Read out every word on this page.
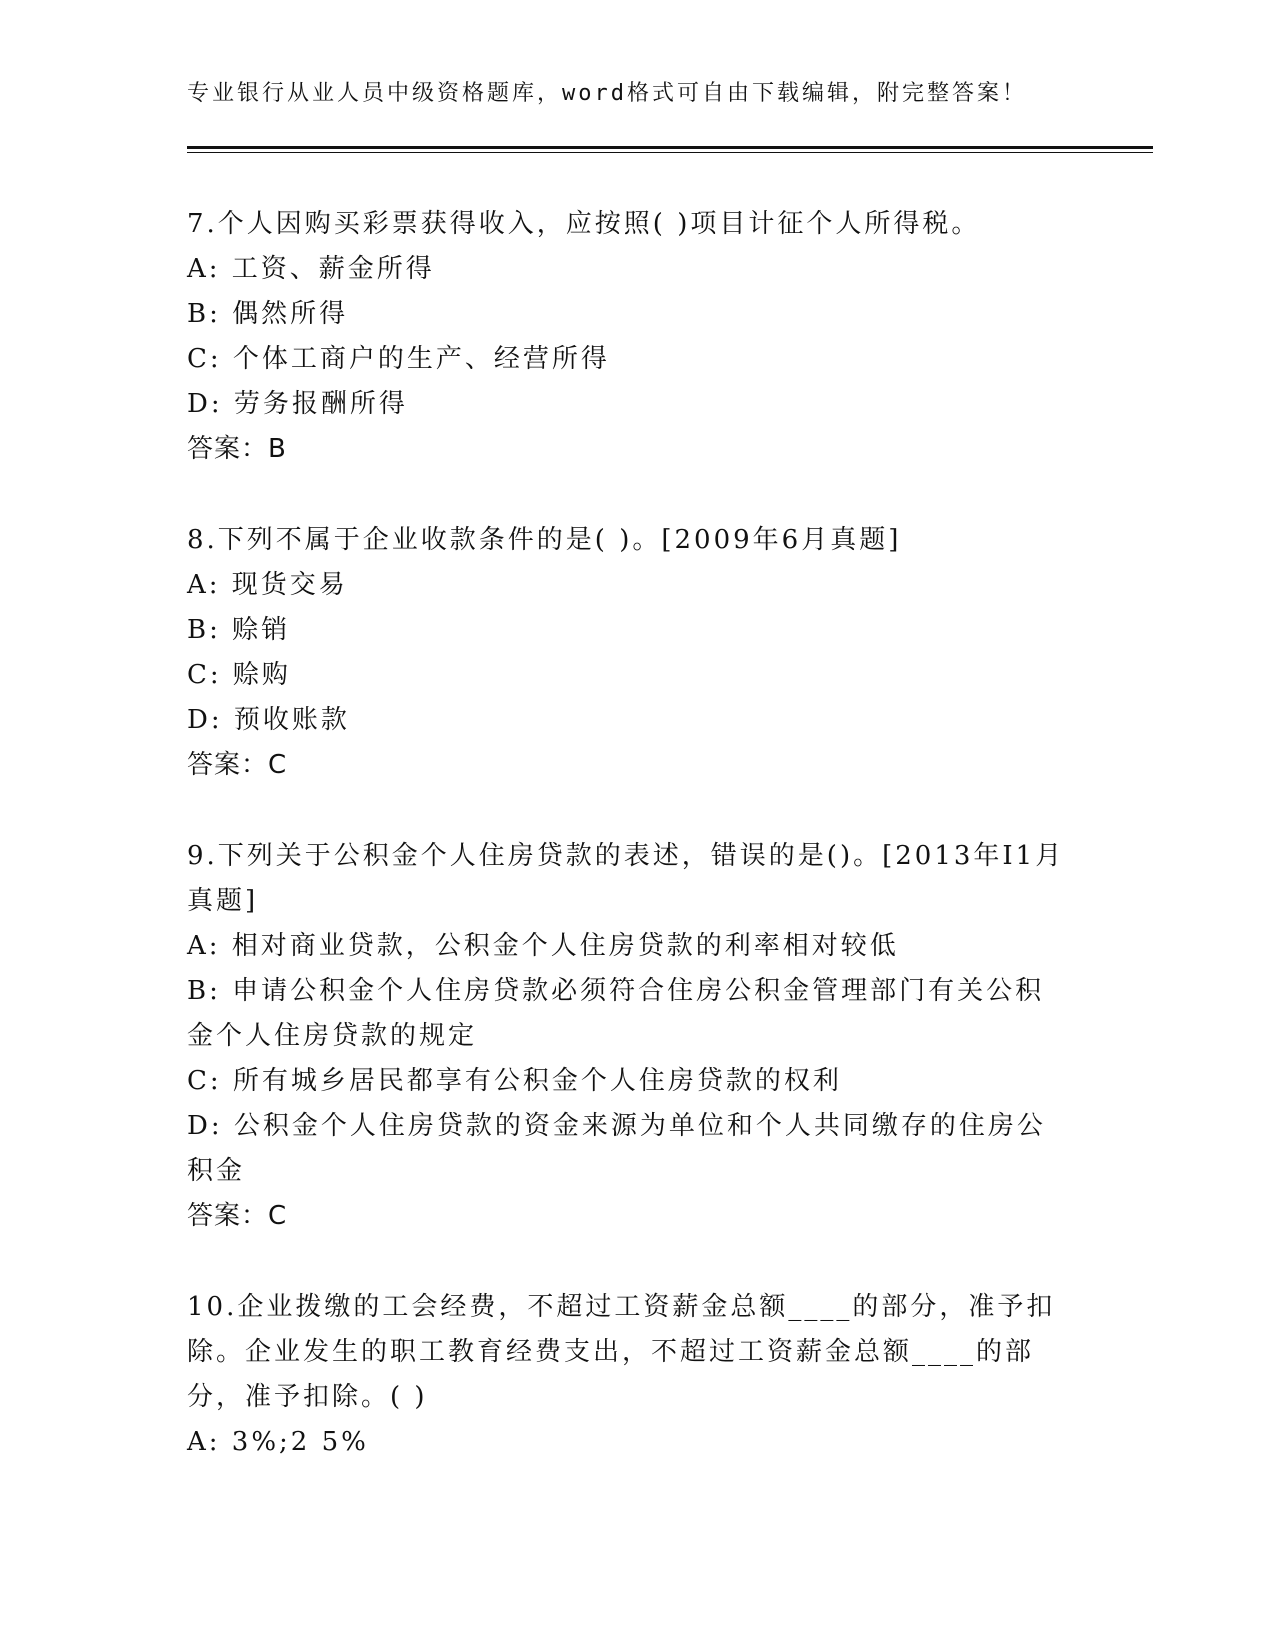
专业银行从业人员中级资格题库，word格式可自由下载编辑，附完整答案！

7.个人因购买彩票获得收入，应按照( )项目计征个人所得税。

A: 工资、薪金所得

B: 偶然所得

C: 个体工商户的生产、经营所得

D: 劳务报酬所得

答案：B

8.下列不属于企业收款条件的是( )。[2009年6月真题]

A: 现货交易

B: 赊销

C: 赊购

D: 预收账款

答案：C

9.下列关于公积金个人住房贷款的表述，错误的是()。[2013年I1月真题]

A: 相对商业贷款，公积金个人住房贷款的利率相对较低

B: 申请公积金个人住房贷款必须符合住房公积金管理部门有关公积金个人住房贷款的规定

C: 所有城乡居民都享有公积金个人住房贷款的权利

D: 公积金个人住房贷款的资金来源为单位和个人共同缴存的住房公积金

答案：C

10.企业拨缴的工会经费，不超过工资薪金总额____的部分，准予扣除。企业发生的职工教育经费支出，不超过工资薪金总额____的部分，准予扣除。( )

A: 3%;2 5%
